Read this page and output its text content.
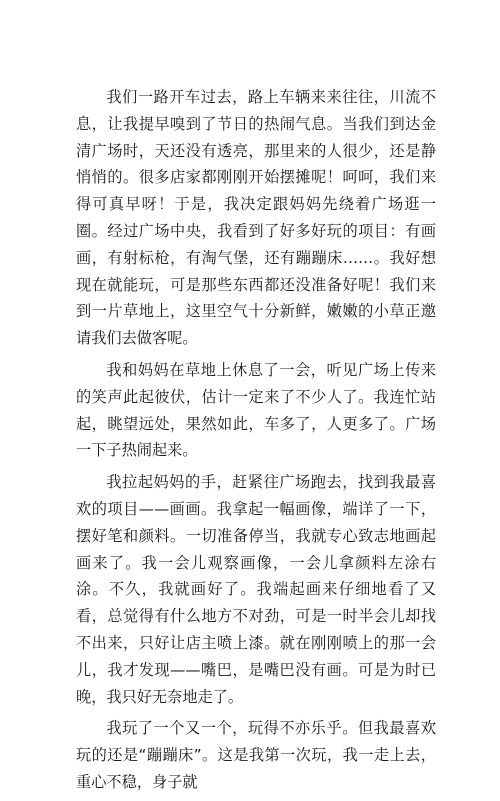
我们一路开车过去，路上车辆来来往往，川流不息，让我提早嗅到了节日的热闹气息。当我们到达金清广场时，天还没有透亮，那里来的人很少，还是静悄悄的。很多店家都刚刚开始摆摊呢！呵呵，我们来得可真早呀！于是，我决定跟妈妈先绕着广场逛一圈。经过广场中央，我看到了好多好玩的项目：有画画，有射标枪，有淘气堡，还有蹦蹦床……。我好想现在就能玩，可是那些东西都还没准备好呢！我们来到一片草地上，这里空气十分新鲜，嫩嫩的小草正邀请我们去做客呢。

我和妈妈在草地上休息了一会，听见广场上传来的笑声此起彼伏，估计一定来了不少人了。我连忙站起，眺望远处，果然如此，车多了，人更多了。广场一下子热闹起来。

我拉起妈妈的手，赶紧往广场跑去，找到我最喜欢的项目——画画。我拿起一幅画像，端详了一下，摆好笔和颜料。一切准备停当，我就专心致志地画起画来了。我一会儿观察画像，一会儿拿颜料左涂右涂。不久，我就画好了。我端起画来仔细地看了又看，总觉得有什么地方不对劲，可是一时半会儿却找不出来，只好让店主喷上漆。就在刚刚喷上的那一会儿，我才发现——嘴巴，是嘴巴没有画。可是为时已晚，我只好无奈地走了。

我玩了一个又一个，玩得不亦乐乎。但我最喜欢玩的还是“蹦蹦床”。这是我第一次玩，我一走上去，重心不稳，身子就
